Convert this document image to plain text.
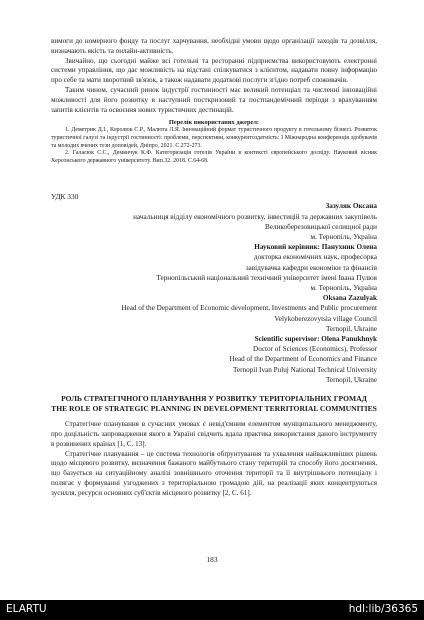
вимоги до номерного фонду та послуг харчування, необхідні умови щодо організації заходів та дозвілля, визначають якість та онлайн-активність.

Звичайно, що сьогодні майже всі готельні та ресторанні підприємства використовують електронні системи управління, що дає можливість на відстані спілкуватися з клієнтом, надавати повну інформацію про себе та мати зворотний зв'язок, а також надавати додаткові послуги згідно потреб споживачів.

Таким чином, сучасний ринок індустрії гостинності має великий потенціал та численні інноваційні можливості для його розвитку в наступний посткризовий та постпандемічний періоди з врахуванням запитів клієнтів та освоєння нових туристичних дестинацій.

Перелік використаних джерел:

1. Деметрик Д.І., Королюк С.Р., Малюта Л.Я. Інноваційний формат туристичного продукту в готельному бізнесі. Розвиток туристичної галузі та індустрії гостинності: проблеми, перспективи, конкурентоздатність: I Міжнародна конференція здобувачів та молодих вчених тези доповідей, Дніпро, 2021. С.272-273.

2. Галасюк С.С., Демянчук К.Ф. Категоризація готелів України в контексті європейського досвіду. Науковий вісник Херсонського державного університету. Вип.32. 2018. С.64-68.

УДК 330
Зазуляк Оксана
начальниця відділу економічного розвитку, інвестицій та державних закупівель
Великоберезовицької селищної ради
м. Тернопіль, Україна
Науковий керівник: Панухник Олена
докторка економічних наук, професорка
завідувачка кафедри економіки та фінансів
Тернопільський національний технічний університет імені Івана Пулюя
м. Тернопіль, Україна
Oksana Zazulyak
Head of the Department of Economic development, Investments and Public procurement
Velykoberezovytsia village Council
Ternopil, Ukraine
Scientific supervisor: Olena Panukhnyk
Doctor of Sciences (Economics), Professor
Head of the Department of Economics and Finance
Ternopil Ivan Puluj National Technical University
Ternopil, Ukraine
РОЛЬ СТРАТЕГІЧНОГО ПЛАНУВАННЯ У РОЗВИТКУ ТЕРИТОРІАЛЬНИХ ГРОМАД
THE ROLE OF STRATEGIC PLANNING IN DEVELOPMENT TERRITORIAL COMMUNITIES

Стратегічне планування в сучасних умовах є невід'ємним елементом муніципального менеджменту, про доцільність запровадження якого в Україні свідчить вдала практика використання даного інструменту в розвинених країнах [1, С. 13].

Стратегічне планування – це система технологія обґрунтування та ухвалення найважливіших рішень щодо місцевого розвитку, визначення бажаного майбутнього стану територій та способу його досягнення, що базується на ситуаційному аналізі зовнішнього оточення території та її внутрішнього потенціалу і полягає у формуванні узгоджених з територіальною громадою дій, на реалізації яких концентруються зусилля, ресурси основних суб'єктів місцевого розвитку [2, С. 61].

183
ELARTU	hdl:lib/36365
